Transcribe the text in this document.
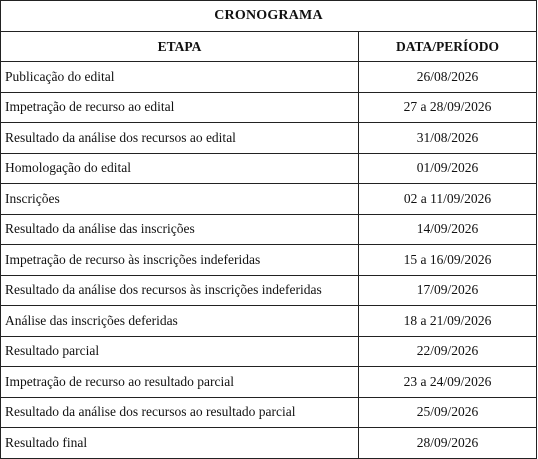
CRONOGRAMA	
ETAPA	DATA/PERÍODO
Publicação do edital	26/08/2026
Impetração de recurso ao edital	27 a 28/09/2026
Resultado da análise dos recursos ao edital	31/08/2026
Homologação do edital	01/09/2026
Inscrições	02 a 11/09/2026
Resultado da análise das inscrições	14/09/2026
Impetração de recurso às inscrições indeferidas	15 a 16/09/2026
Resultado da análise dos recursos às inscrições indeferidas	17/09/2026
Análise das inscrições deferidas	18 a 21/09/2026
Resultado parcial	22/09/2026
Impetração de recurso ao resultado parcial	23 a 24/09/2026
Resultado da análise dos recursos ao resultado parcial	25/09/2026
Resultado final	28/09/2026
